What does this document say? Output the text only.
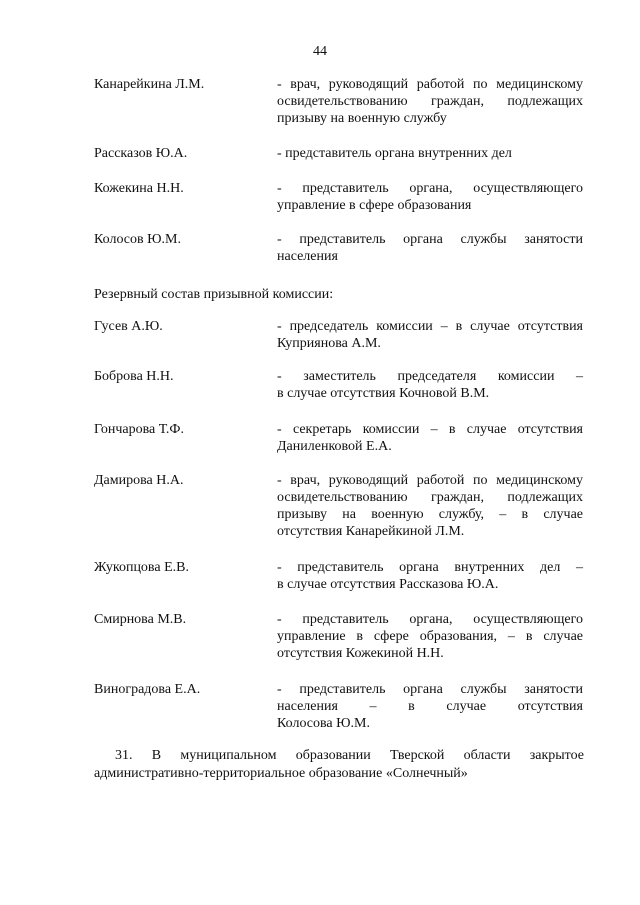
44
Канарейкина Л.М.	- врач, руководящий работой по медицинскому
освидетельствованию граждан, подлежащих
призыву на военную службу
Рассказов Ю.А.	- представитель органа внутренних дел
Кожекина Н.Н.	- представитель органа, осуществляющего
управление в сфере образования
Колосов Ю.М.	- представитель органа службы занятости
населения
Резервный состав призывной комиссии:
Гусев А.Ю.	- председатель комиссии – в случае отсутствия
Куприянова А.М.
Боброва Н.Н.	- заместитель председателя комиссии –
в случае отсутствия Кочновой В.М.
Гончарова Т.Ф.	- секретарь комиссии – в случае отсутствия
Даниленковой Е.А.
Дамирова Н.А.	- врач, руководящий работой по медицинскому
освидетельствованию граждан, подлежащих
призыву на военную службу, – в случае
отсутствия Канарейкиной Л.М.
Жукопцова Е.В.	- представитель органа внутренних дел –
в случае отсутствия Рассказова Ю.А.
Смирнова М.В.	- представитель органа, осуществляющего
управление в сфере образования, – в случае
отсутствия Кожекиной Н.Н.
Виноградова Е.А.	- представитель органа службы занятости
населения – в случае отсутствия
Колосова Ю.М.
31. В муниципальном образовании Тверской области закрытое
административно-территориальное образование «Солнечный»
